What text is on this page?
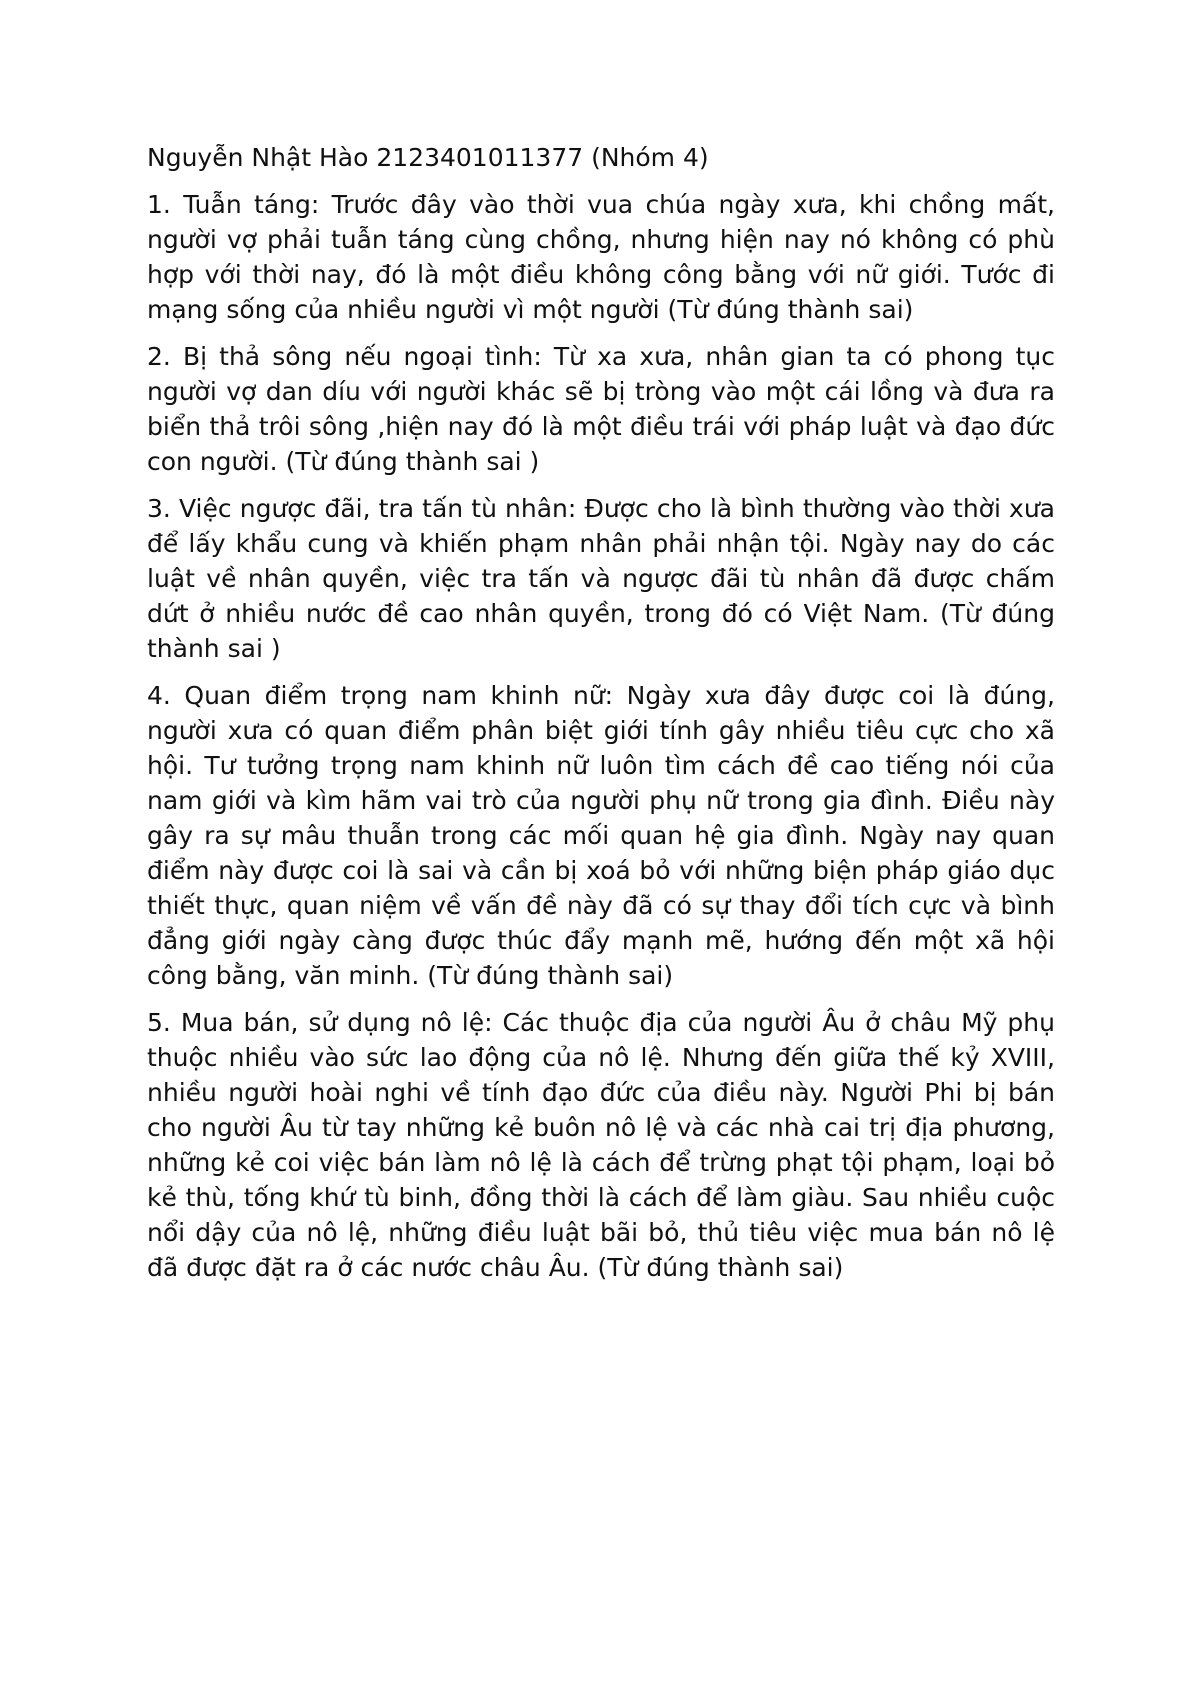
Nguyễn Nhật Hào 2123401011377 (Nhóm 4)

1. Tuẫn táng: Trước đây vào thời vua chúa ngày xưa, khi chồng mất, người vợ phải tuẫn táng cùng chồng, nhưng hiện nay nó không có phù hợp với thời nay, đó là một điều không công bằng với nữ giới. Tước đi mạng sống của nhiều người vì một người (Từ đúng thành sai)

2. Bị thả sông nếu ngoại tình: Từ xa xưa, nhân gian ta có phong tục người vợ dan díu với người khác sẽ bị tròng vào một cái lồng và đưa ra biển thả trôi sông ,hiện nay đó là một điều trái với pháp luật và đạo đức con người. (Từ đúng thành sai )

3. Việc ngược đãi, tra tấn tù nhân: Được cho là bình thường vào thời xưa để lấy khẩu cung và khiến phạm nhân phải nhận tội. Ngày nay do các luật về nhân quyền, việc tra tấn và ngược đãi tù nhân đã được chấm dứt ở nhiều nước đề cao nhân quyền, trong đó có Việt Nam. (Từ đúng thành sai )

4. Quan điểm trọng nam khinh nữ: Ngày xưa đây được coi là đúng, người xưa có quan điểm phân biệt giới tính gây nhiều tiêu cực cho xã hội. Tư tưởng trọng nam khinh nữ luôn tìm cách đề cao tiếng nói của nam giới và kìm hãm vai trò của người phụ nữ trong gia đình. Điều này gây ra sự mâu thuẫn trong các mối quan hệ gia đình. Ngày nay quan điểm này được coi là sai và cần bị xoá bỏ với những biện pháp giáo dục thiết thực, quan niệm về vấn đề này đã có sự thay đổi tích cực và bình đẳng giới ngày càng được thúc đẩy mạnh mẽ, hướng đến một xã hội công bằng, văn minh. (Từ đúng thành sai)

5. Mua bán, sử dụng nô lệ: Các thuộc địa của người Âu ở châu Mỹ phụ thuộc nhiều vào sức lao động của nô lệ. Nhưng đến giữa thế kỷ XVIII, nhiều người hoài nghi về tính đạo đức của điều này. Người Phi bị bán cho người Âu từ tay những kẻ buôn nô lệ và các nhà cai trị địa phương, những kẻ coi việc bán làm nô lệ là cách để trừng phạt tội phạm, loại bỏ kẻ thù, tống khứ tù binh, đồng thời là cách để làm giàu. Sau nhiều cuộc nổi dậy của nô lệ, những điều luật bãi bỏ, thủ tiêu việc mua bán nô lệ đã được đặt ra ở các nước châu Âu. (Từ đúng thành sai)
